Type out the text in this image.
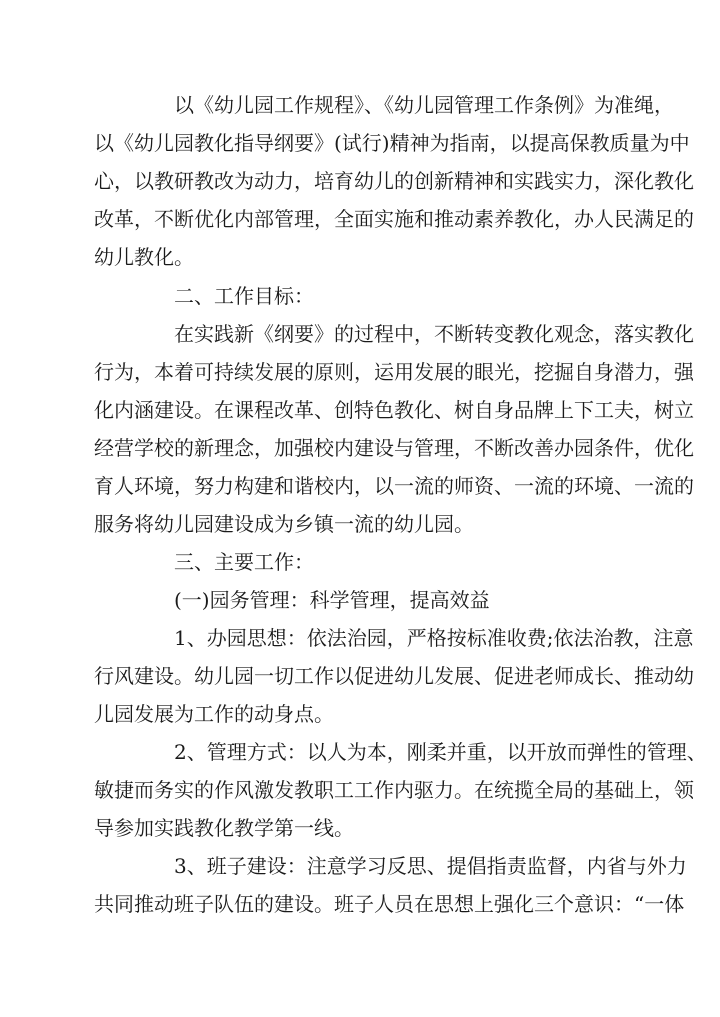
以《幼儿园工作规程》、《幼儿园管理工作条例》为准绳，
以《幼儿园教化指导纲要》(试行)精神为指南，以提高保教质量为中
心，以教研教改为动力，培育幼儿的创新精神和实践实力，深化教化
改革，不断优化内部管理，全面实施和推动素养教化，办人民满足的
幼儿教化。
二、工作目标：
在实践新《纲要》的过程中，不断转变教化观念，落实教化
行为，本着可持续发展的原则，运用发展的眼光，挖掘自身潜力，强
化内涵建设。在课程改革、创特色教化、树自身品牌上下工夫，树立
经营学校的新理念，加强校内建设与管理，不断改善办园条件，优化
育人环境，努力构建和谐校内，以一流的师资、一流的环境、一流的
服务将幼儿园建设成为乡镇一流的幼儿园。
三、主要工作：
(一)园务管理：科学管理，提高效益
1、办园思想：依法治园，严格按标准收费;依法治教，注意
行风建设。幼儿园一切工作以促进幼儿发展、促进老师成长、推动幼
儿园发展为工作的动身点。
2、管理方式：以人为本，刚柔并重，以开放而弹性的管理、
敏捷而务实的作风激发教职工工作内驱力。在统揽全局的基础上，领
导参加实践教化教学第一线。
3、班子建设：注意学习反思、提倡指责监督，内省与外力
共同推动班子队伍的建设。班子人员在思想上强化三个意识：“一体
